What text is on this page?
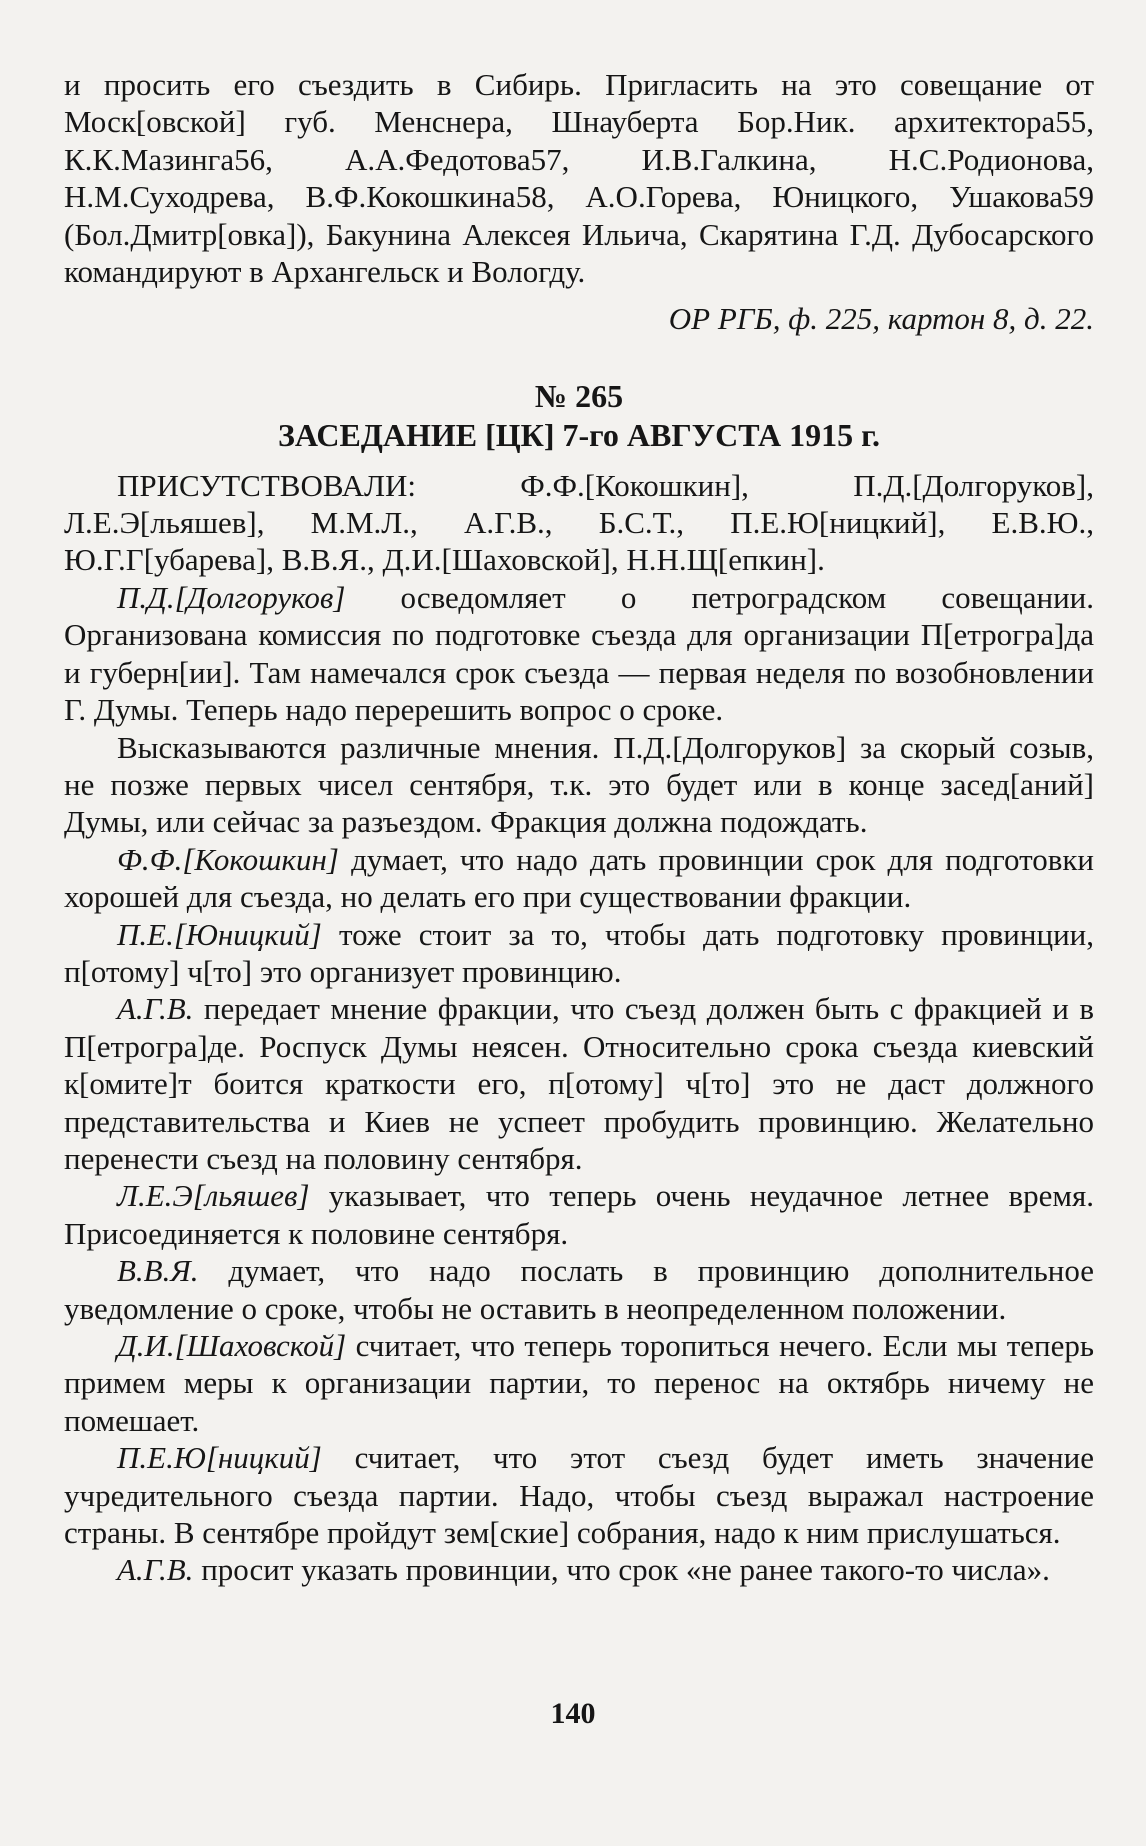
и просить его съездить в Сибирь. Пригласить на это совещание от Моск[овской] губ. Менснера, Шнауберта Бор.Ник. архитектора55, К.К.Мазинга56, А.А.Федотова57, И.В.Галкина, Н.С.Родионова, Н.М.Суходрева, В.Ф.Кокошкина58, А.О.Горева, Юницкого, Ушакова59 (Бол.Дмитр[овка]), Бакунина Алексея Ильича, Скарятина Г.Д. Дубосарского командируют в Архангельск и Вологду.

ОР РГБ, ф. 225, картон 8, д. 22.

№ 265

ЗАСЕДАНИЕ [ЦК] 7-го АВГУСТА 1915 г.

ПРИСУТСТВОВАЛИ: Ф.Ф.[Кокошкин], П.Д.[Долгоруков], Л.Е.Э[льяшев], М.М.Л., А.Г.В., Б.С.Т., П.Е.Ю[ницкий], Е.В.Ю., Ю.Г.Г[убарева], В.В.Я., Д.И.[Шаховской], Н.Н.Щ[епкин].

П.Д.[Долгоруков] осведомляет о петроградском совещании. Организована комиссия по подготовке съезда для организации П[етрогра]да и губерн[ии]. Там намечался срок съезда — первая неделя по возобновлении Г. Думы. Теперь надо перерешить вопрос о сроке.

Высказываются различные мнения. П.Д.[Долгоруков] за скорый созыв, не позже первых чисел сентября, т.к. это будет или в конце засед[аний] Думы, или сейчас за разъездом. Фракция должна подождать.

Ф.Ф.[Кокошкин] думает, что надо дать провинции срок для подготовки хорошей для съезда, но делать его при существовании фракции.

П.Е.[Юницкий] тоже стоит за то, чтобы дать подготовку провинции, п[отому] ч[то] это организует провинцию.

А.Г.В. передает мнение фракции, что съезд должен быть с фракцией и в П[етрогра]де. Роспуск Думы неясен. Относительно срока съезда киевский к[омите]т боится краткости его, п[отому] ч[то] это не даст должного представительства и Киев не успеет пробудить провинцию. Желательно перенести съезд на половину сентября.

Л.Е.Э[льяшев] указывает, что теперь очень неудачное летнее время. Присоединяется к половине сентября.

В.В.Я. думает, что надо послать в провинцию дополнительное уведомление о сроке, чтобы не оставить в неопределенном положении.

Д.И.[Шаховской] считает, что теперь торопиться нечего. Если мы теперь примем меры к организации партии, то перенос на октябрь ничему не помешает.

П.Е.Ю[ницкий] считает, что этот съезд будет иметь значение учредительного съезда партии. Надо, чтобы съезд выражал настроение страны. В сентябре пройдут зем[ские] собрания, надо к ним прислушаться.

А.Г.В. просит указать провинции, что срок «не ранее такого-то числа».

140
